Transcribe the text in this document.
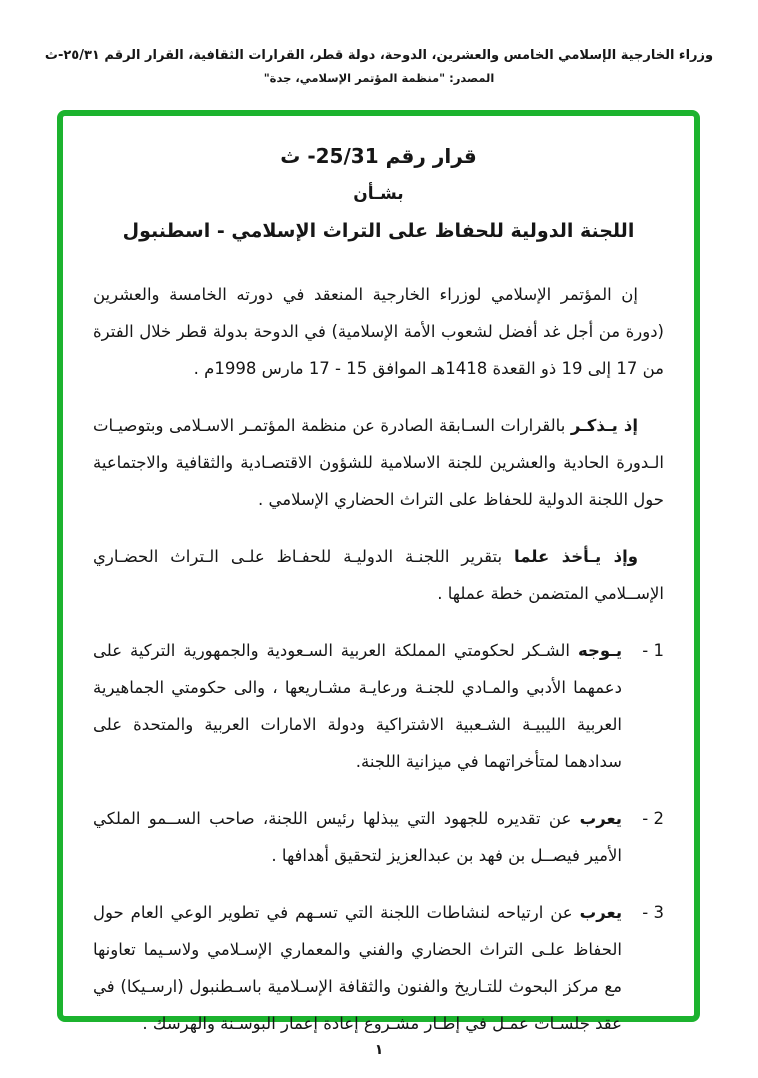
وزراء الخارجية الإسلامي الخامس والعشرين، الدوحة، دولة قطر، القرارات الثقافية، القرار الرقم ٢٥/٣١-ث
المصدر: "منظمة المؤتمر الإسلامي، جدة"
قرار رقم 25/31- ث
بشـأن
اللجنة الدولية للحفاظ على التراث الإسلامي - اسطنبول

إن المؤتمر الإسلامي لوزراء الخارجية المنعقد في دورته الخامسة والعشرين (دورة من أجل غد أفضل لشعوب الأمة الإسلامية) في الدوحة بدولة قطر خلال الفترة من 17 إلى 19 ذو القعدة 1418هـ الموافق 15 - 17 مارس 1998م .

إذ يـذكـر بالقرارات السـابقة الصادرة عن منظمة المؤتمـر الاسـلامى وبتوصيـات الـدورة الحادية والعشرين للجنة الاسلامية للشؤون الاقتصـادية والثقافية والاجتماعية حول اللجنة الدولية للحفاظ على التراث الحضاري الإسلامي .

وإذ يـأخذ علما بتقرير اللجنـة الدوليـة للحفـاظ علـى الـتراث الحضـاري الإســلامي المتضمن خطة عملها .

1 -
يـوجه الشـكر لحكومتي المملكة العربية السـعودية والجمهورية التركية على دعمهما الأدبي والمـادي للجنـة ورعايـة مشـاريعها ، والى حكومتي الجماهيرية العربية الليبيـة الشـعبية الاشتراكية ودولة الامارات العربية والمتحدة على سدادهما لمتأخراتهما في ميزانية اللجنة.
2 -
يعرب عن تقديره للجهود التي يبذلها رئيس اللجنة، صاحب الســمو الملكي الأمير فيصــل بن فهد بن عبدالعزيز لتحقيق أهدافها .
3 -
يعرب عن ارتياحه لنشاطات اللجنة التي تسـهم في تطوير الوعي العام حول الحفاظ علـى التراث الحضاري والفني والمعماري الإسـلامي ولاسـيما تعاونها مع مركز البحوث للتـاريخ والفنون والثقافة الإسـلامية باسـطنبول (ارسـيكا) في عقد جلسـات عمـل في إطـار مشـروع إعادة إعمار البوسـنة والهرسك .
١
